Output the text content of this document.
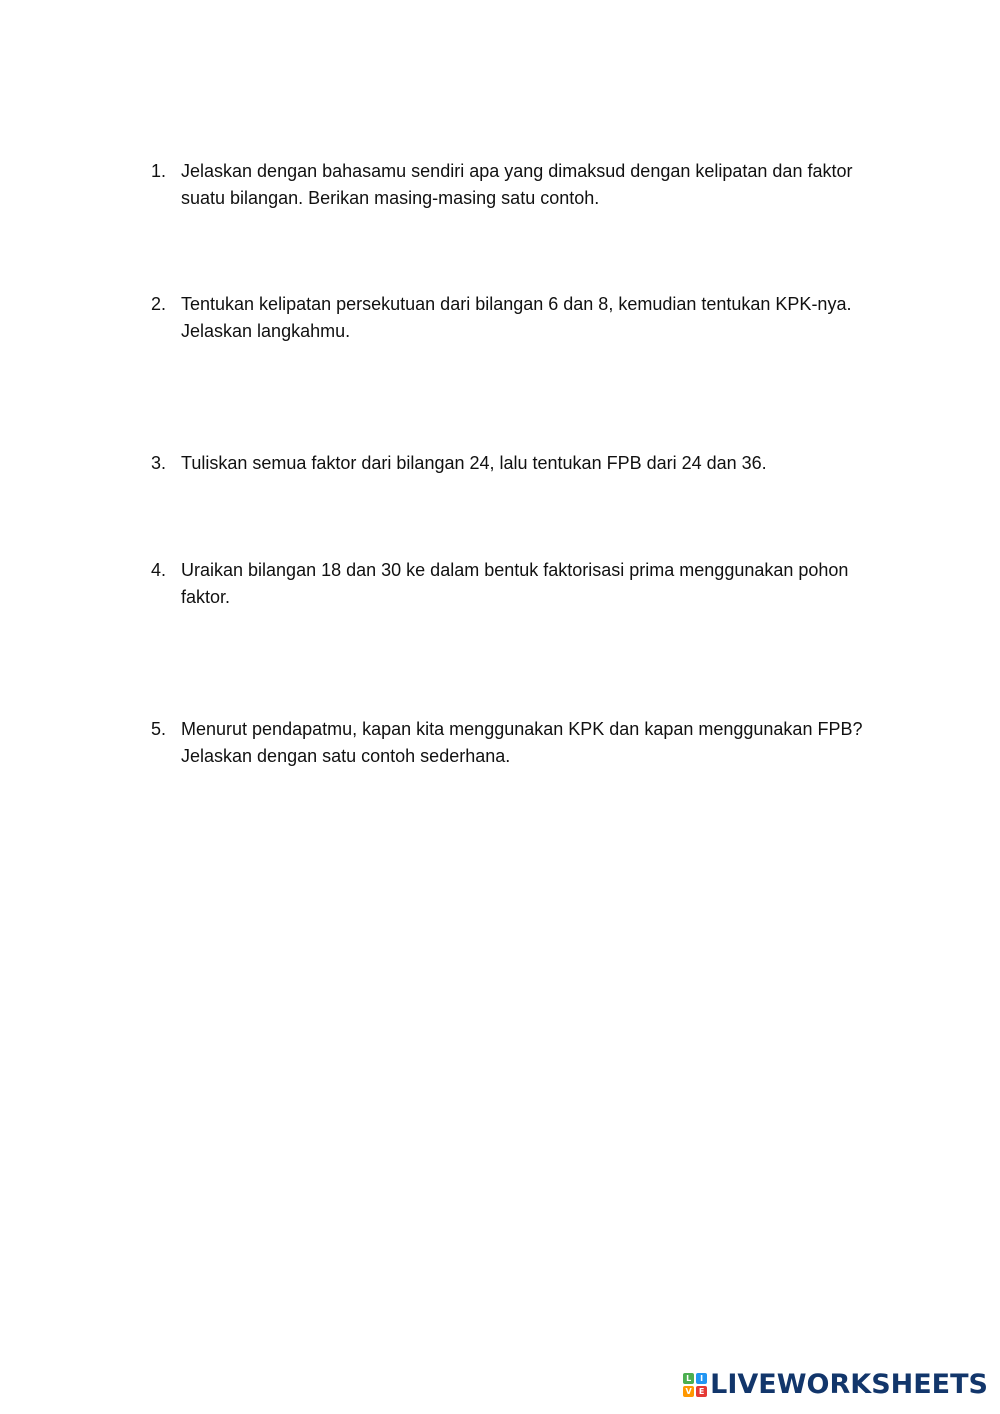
1. Jelaskan dengan bahasamu sendiri apa yang dimaksud dengan kelipatan dan faktor suatu bilangan. Berikan masing-masing satu contoh.

2. Tentukan kelipatan persekutuan dari bilangan 6 dan 8, kemudian tentukan KPK-nya. Jelaskan langkahmu.

3. Tuliskan semua faktor dari bilangan 24, lalu tentukan FPB dari 24 dan 36.

4. Uraikan bilangan 18 dan 30 ke dalam bentuk faktorisasi prima menggunakan pohon faktor.

5. Menurut pendapatmu, kapan kita menggunakan KPK dan kapan menggunakan FPB? Jelaskan dengan satu contoh sederhana.

L	I
V E LIVEWORKSHEETS
